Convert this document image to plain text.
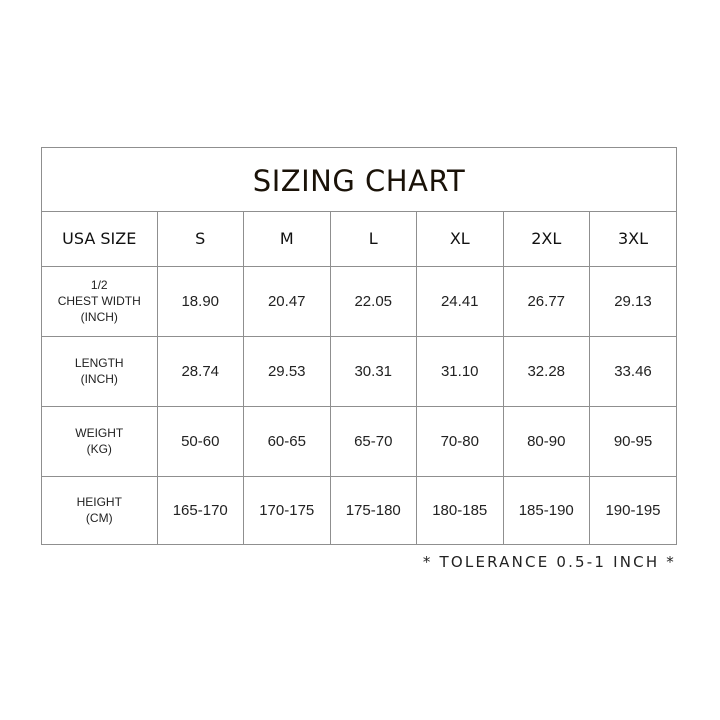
SIZING CHART
USA SIZE	S	M	L	XL	2XL	3XL
1/2
CHEST WIDTH
(INCH)	18.90	20.47	22.05	24.41	26.77	29.13
LENGTH
(INCH)	28.74	29.53	30.31	31.10	32.28	33.46
WEIGHT
(KG)	50-60	60-65	65-70	70-80	80-90	90-95
HEIGHT
(CM)	165-170	170-175	175-180	180-185	185-190	190-195
* TOLERANCE 0.5-1 INCH *
